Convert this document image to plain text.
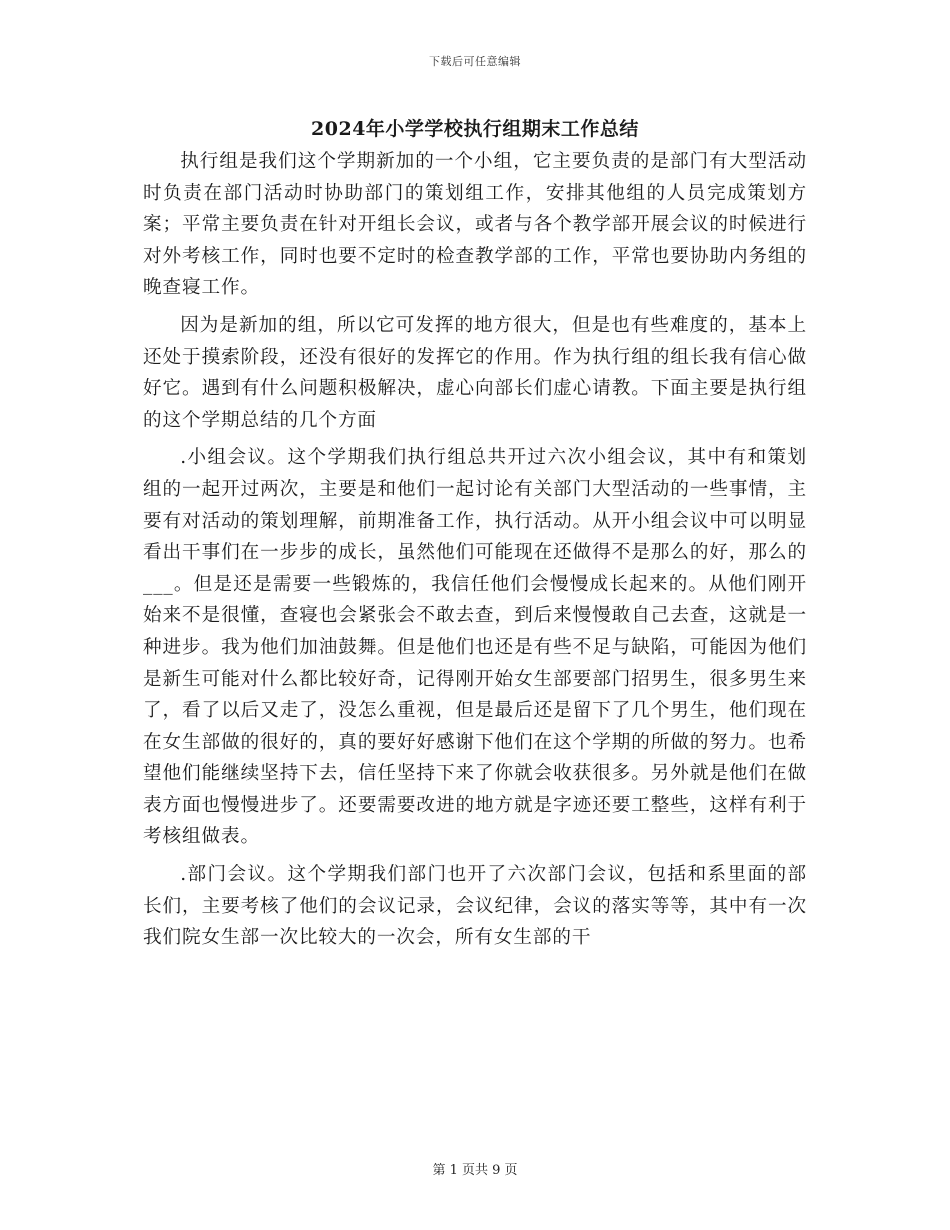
下载后可任意编辑
2024年小学学校执行组期末工作总结

执行组是我们这个学期新加的一个小组，它主要负责的是部门有大型活动时负责在部门活动时协助部门的策划组工作，安排其他组的人员完成策划方案；平常主要负责在针对开组长会议，或者与各个教学部开展会议的时候进行对外考核工作，同时也要不定时的检查教学部的工作，平常也要协助内务组的晚查寝工作。

因为是新加的组，所以它可发挥的地方很大，但是也有些难度的，基本上还处于摸索阶段，还没有很好的发挥它的作用。作为执行组的组长我有信心做好它。遇到有什么问题积极解决，虚心向部长们虚心请教。下面主要是执行组的这个学期总结的几个方面

.小组会议。这个学期我们执行组总共开过六次小组会议，其中有和策划组的一起开过两次，主要是和他们一起讨论有关部门大型活动的一些事情，主要有对活动的策划理解，前期准备工作，执行活动。从开小组会议中可以明显看出干事们在一步步的成长，虽然他们可能现在还做得不是那么的好，那么的___。但是还是需要一些锻炼的，我信任他们会慢慢成长起来的。从他们刚开始来不是很懂，查寝也会紧张会不敢去查，到后来慢慢敢自己去查，这就是一种进步。我为他们加油鼓舞。但是他们也还是有些不足与缺陷，可能因为他们是新生可能对什么都比较好奇，记得刚开始女生部要部门招男生，很多男生来了，看了以后又走了，没怎么重视，但是最后还是留下了几个男生，他们现在在女生部做的很好的，真的要好好感谢下他们在这个学期的所做的努力。也希望他们能继续坚持下去，信任坚持下来了你就会收获很多。另外就是他们在做表方面也慢慢进步了。还要需要改进的地方就是字迹还要工整些，这样有利于考核组做表。

.部门会议。这个学期我们部门也开了六次部门会议，包括和系里面的部长们，主要考核了他们的会议记录，会议纪律，会议的落实等等，其中有一次我们院女生部一次比较大的一次会，所有女生部的干

第 1 页共 9 页
